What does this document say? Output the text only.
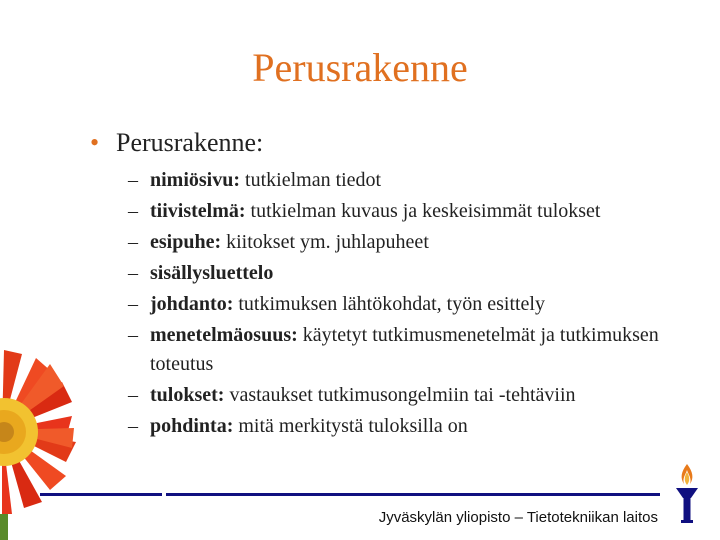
Perusrakenne
• Perusrakenne:
– nimiösivu: tutkielman tiedot
– tiivistelmä: tutkielman kuvaus ja keskeisimmät tulokset
– esipuhe: kiitokset ym. juhlapuheet
– sisällysluettelo
– johdanto: tutkimuksen lähtökohdat, työn esittely
– menetelmäosuus: käytetyt tutkimusmenetelmät ja tutkimuksen toteutus
– tulokset: vastaukset tutkimusongelmiin tai -tehtäviin
– pohdinta: mitä merkitystä tuloksilla on
Jyväskylän yliopisto – Tietotekniikan laitos
